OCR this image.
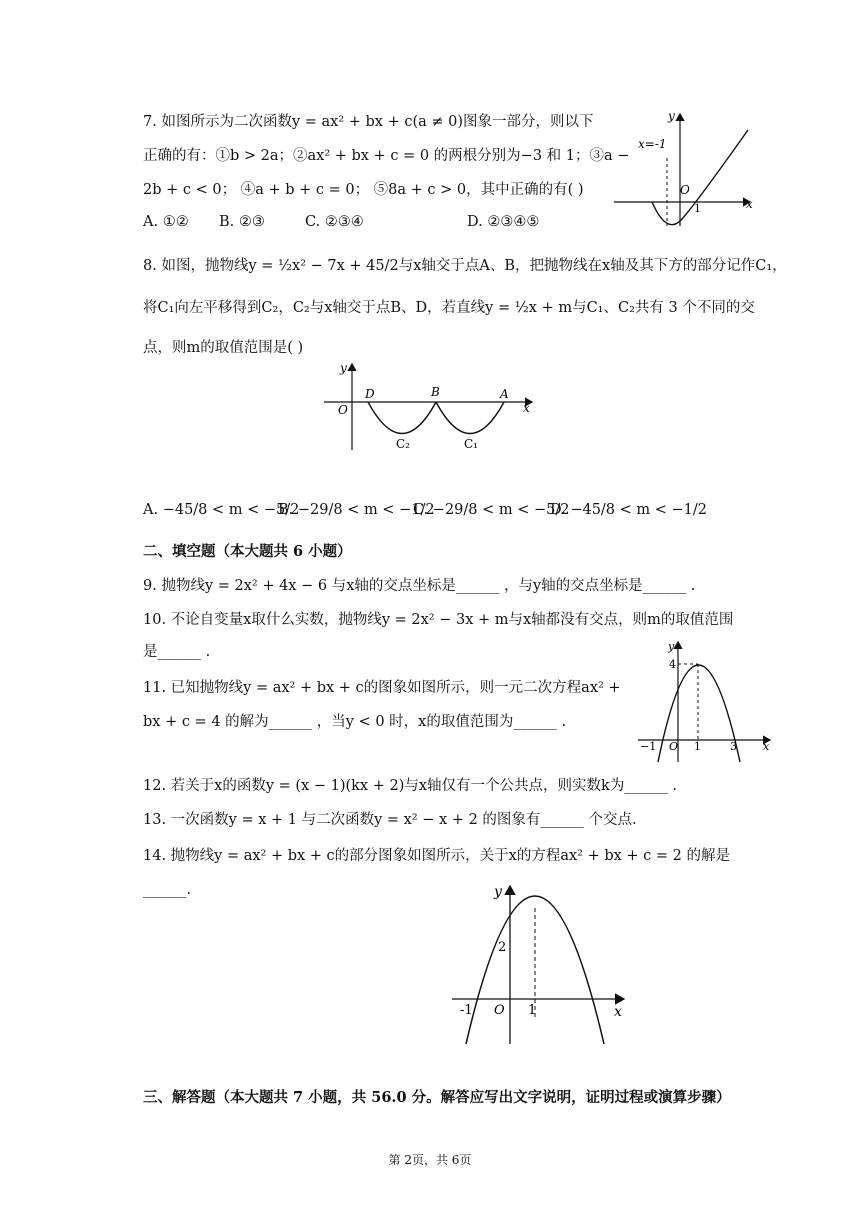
7. 如图所示为二次函数y = ax² + bx + c(a ≠ 0)图象一部分，则以下
正确的有：①b > 2a；②ax² + bx + c = 0 的两根分别为−3 和 1；③a −
2b + c < 0； ④a + b + c = 0； ⑤8a + c > 0，其中正确的有( )
A. ①② B. ②③	C. ②③④	D. ②③④⑤
x=-1
y
x
O
1
8. 如图，抛物线y = ½x² − 7x + 45/2与x轴交于点A、B，把抛物线在x轴及其下方的部分记作C₁，
将C₁向左平移得到C₂，C₂与x轴交于点B、D，若直线y = ½x + m与C₁、C₂共有 3 个不同的交
点，则m的取值范围是( )
y
x
O
D	B	A
C₂	C₁
A. −45/8 < m < −5/2
B. −29/8 < m < −1/2
C. −29/8 < m < −5/2
D. −45/8 < m < −1/2
二、填空题（本大题共 6 小题）
9. 抛物线y = 2x² + 4x − 6 与x轴的交点坐标是______ ，与y轴的交点坐标是______ .
10. 不论自变量x取什么实数，抛物线y = 2x² − 3x + m与x轴都没有交点，则m的取值范围
是______ .
11. 已知抛物线y = ax² + bx + c的图象如图所示，则一元二次方程ax² +
bx + c = 4 的解为______ ，当y < 0 时，x的取值范围为______ .
y
x
O
4
−1	1	3
12. 若关于x的函数y = (x − 1)(kx + 2)与x轴仅有一个公共点，则实数k为______ .
13. 一次函数y = x + 1 与二次函数y = x² − x + 2 的图象有______ 个交点.
14. 抛物线y = ax² + bx + c的部分图象如图所示，关于x的方程ax² + bx + c = 2 的解是
______.	y
x
O
2
-1	1
三、解答题（本大题共 7 小题，共 56.0 分。解答应写出文字说明，证明过程或演算步骤）
第 2页，共 6页
